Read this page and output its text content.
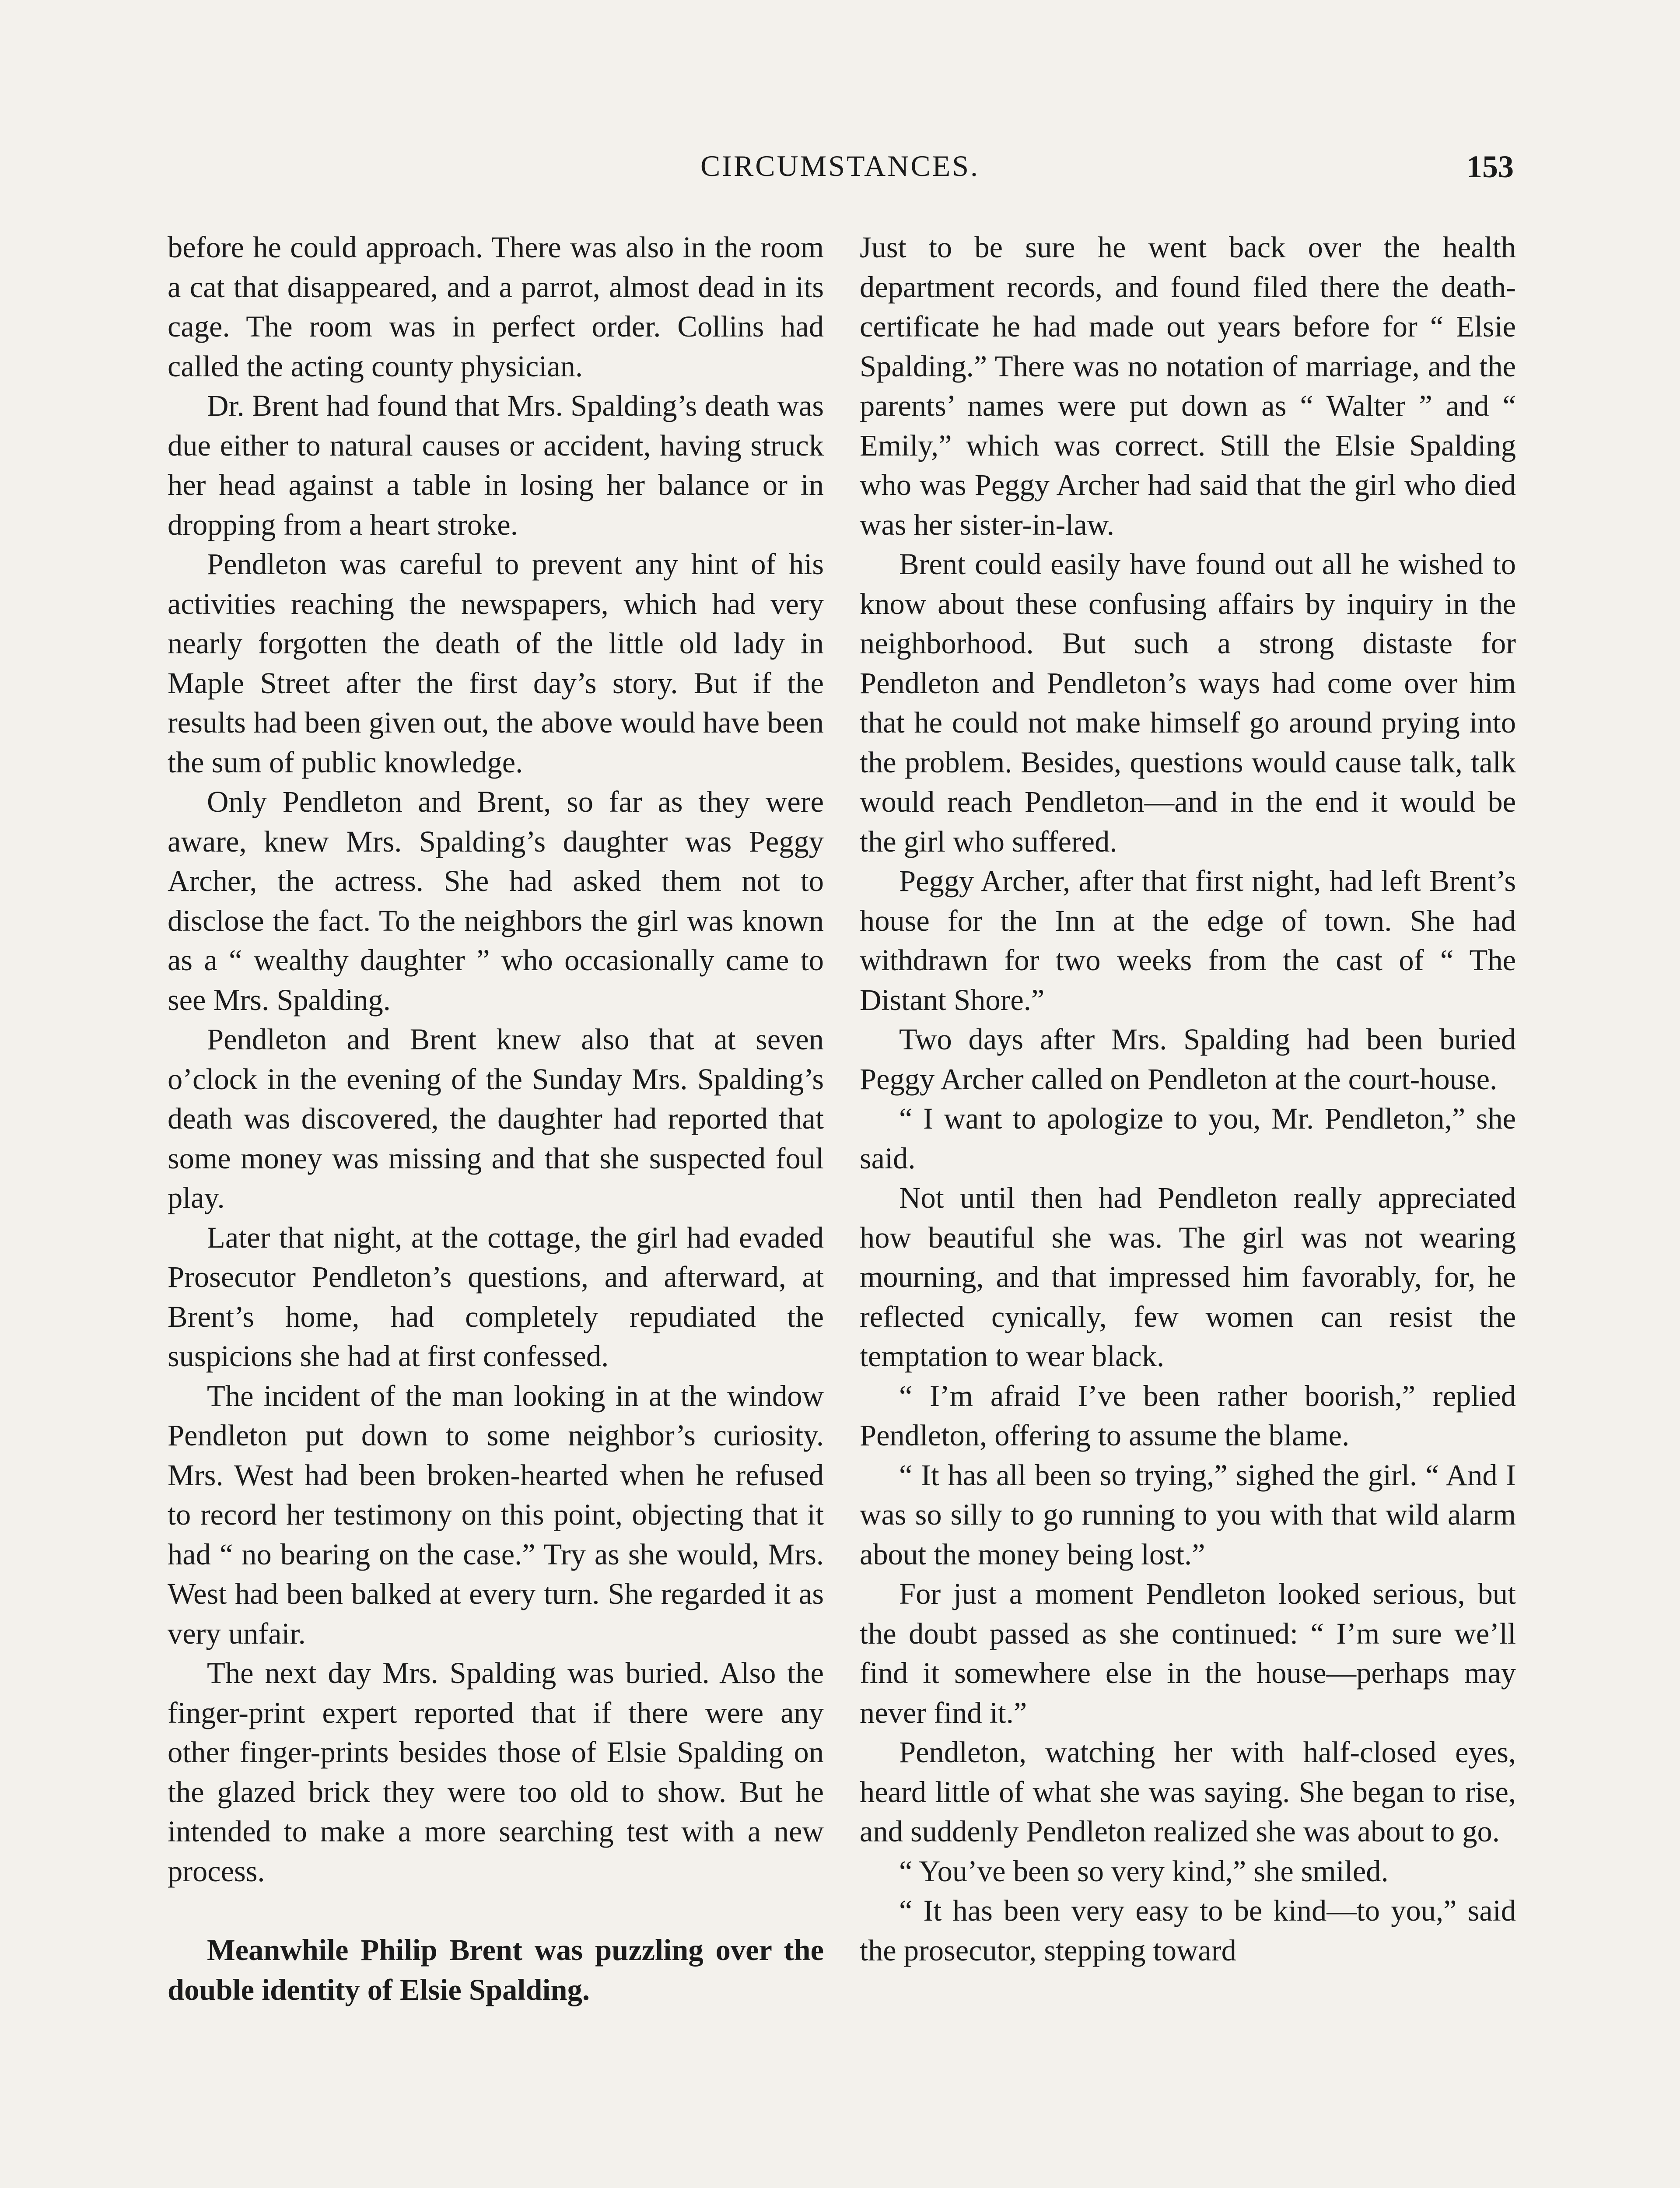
CIRCUMSTANCES.	153

before he could approach. There was also in the room a cat that disappeared, and a parrot, almost dead in its cage. The room was in perfect order. Collins had called the acting county physician.

Dr. Brent had found that Mrs. Spalding’s death was due either to natural causes or accident, having struck her head against a table in losing her balance or in dropping from a heart stroke.

Pendleton was careful to prevent any hint of his activities reaching the newspapers, which had very nearly forgotten the death of the little old lady in Maple Street after the first day’s story. But if the results had been given out, the above would have been the sum of public knowledge.

Only Pendleton and Brent, so far as they were aware, knew Mrs. Spalding’s daughter was Peggy Archer, the actress. She had asked them not to disclose the fact. To the neighbors the girl was known as a “ wealthy daughter ” who occasionally came to see Mrs. Spalding.

Pendleton and Brent knew also that at seven o’clock in the evening of the Sunday Mrs. Spalding’s death was discovered, the daughter had reported that some money was missing and that she suspected foul play.

Later that night, at the cottage, the girl had evaded Prosecutor Pendleton’s questions, and afterward, at Brent’s home, had completely repudiated the suspicions she had at first confessed.

The incident of the man looking in at the window Pendleton put down to some neighbor’s curiosity. Mrs. West had been broken-hearted when he refused to record her testimony on this point, objecting that it had “ no bearing on the case.” Try as she would, Mrs. West had been balked at every turn. She regarded it as very unfair.

The next day Mrs. Spalding was buried. Also the finger-print expert reported that if there were any other finger-prints besides those of Elsie Spalding on the glazed brick they were too old to show. But he intended to make a more searching test with a new process.

Meanwhile Philip Brent was puzzling over the double identity of Elsie Spalding.

Just to be sure he went back over the health department records, and found filed there the death-certificate he had made out years before for “ Elsie Spalding.” There was no notation of marriage, and the parents’ names were put down as “ Walter ” and “ Emily,” which was correct. Still the Elsie Spalding who was Peggy Archer had said that the girl who died was her sister-in-law.

Brent could easily have found out all he wished to know about these confusing affairs by inquiry in the neighborhood. But such a strong distaste for Pendleton and Pendleton’s ways had come over him that he could not make himself go around prying into the problem. Besides, questions would cause talk, talk would reach Pendleton—and in the end it would be the girl who suffered.

Peggy Archer, after that first night, had left Brent’s house for the Inn at the edge of town. She had withdrawn for two weeks from the cast of “ The Distant Shore.”

Two days after Mrs. Spalding had been buried Peggy Archer called on Pendleton at the court-house.

“ I want to apologize to you, Mr. Pendleton,” she said.

Not until then had Pendleton really appreciated how beautiful she was. The girl was not wearing mourning, and that impressed him favorably, for, he reflected cynically, few women can resist the temptation to wear black.

“ I’m afraid I’ve been rather boorish,” replied Pendleton, offering to assume the blame.

“ It has all been so trying,” sighed the girl. “ And I was so silly to go running to you with that wild alarm about the money being lost.”

For just a moment Pendleton looked serious, but the doubt passed as she continued: “ I’m sure we’ll find it somewhere else in the house—perhaps may never find it.”

Pendleton, watching her with half-closed eyes, heard little of what she was saying. She began to rise, and suddenly Pendleton realized she was about to go.

“ You’ve been so very kind,” she smiled.

“ It has been very easy to be kind—to you,” said the prosecutor, stepping toward
